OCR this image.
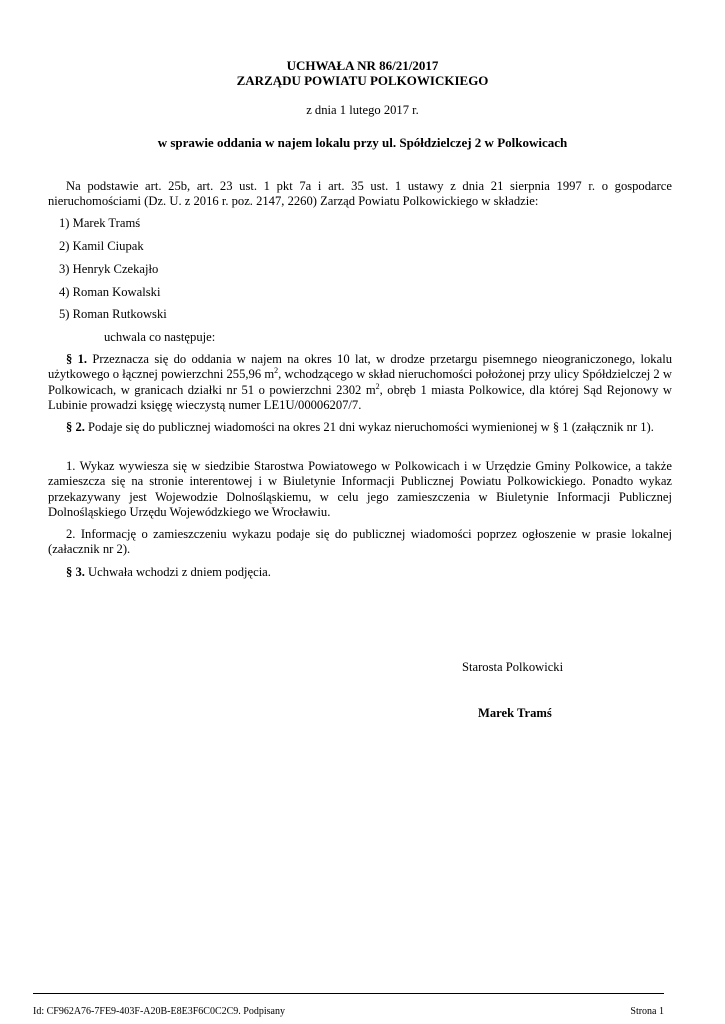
UCHWAŁA NR 86/21/2017

ZARZĄDU POWIATU POLKOWICKIEGO

z dnia 1 lutego 2017 r.

w sprawie oddania w najem lokalu przy ul. Spółdzielczej 2 w Polkowicach

Na podstawie art. 25b, art. 23 ust. 1 pkt 7a i art. 35 ust. 1 ustawy z dnia 21 sierpnia 1997 r. o gospodarce nieruchomościami (Dz. U. z 2016 r. poz. 2147, 2260) Zarząd Powiatu Polkowickiego w składzie:

1) Marek Tramś

2) Kamil Ciupak

3) Henryk Czekajło

4) Roman Kowalski

5) Roman Rutkowski

uchwala co następuje:

§ 1. Przeznacza się do oddania w najem na okres 10 lat, w drodze przetargu pisemnego nieograniczonego, lokalu użytkowego o łącznej powierzchni 255,96 $m^2$, wchodzącego w skład nieruchomości położonej przy ulicy Spółdzielczej 2 w Polkowicach, w granicach działki nr 51 o powierzchni 2302 $m^2$, obręb 1 miasta Polkowice, dla której Sąd Rejonowy w Lubinie prowadzi księgę wieczystą numer LE1U/00006207/7.

§ 2. Podaje się do publicznej wiadomości na okres 21 dni wykaz nieruchomości wymienionej w § 1 (załącznik nr 1).

1. Wykaz wywiesza się w siedzibie Starostwa Powiatowego w Polkowicach i w Urzędzie Gminy Polkowice, a także zamieszcza się na stronie interentowej i w Biuletynie Informacji Publicznej Powiatu Polkowickiego. Ponadto wykaz przekazywany jest Wojewodzie Dolnośląskiemu, w celu jego zamieszczenia w Biuletynie Informacji Publicznej Dolnośląskiego Urzędu Wojewódzkiego we Wrocławiu.

2. Informację o zamieszczeniu wykazu podaje się do publicznej wiadomości poprzez ogłoszenie w prasie lokalnej (załacznik nr 2).

§ 3. Uchwała wchodzi z dniem podjęcia.

Starosta Polkowicki

Marek Tramś

Id: CF962A76-7FE9-403F-A20B-E8E3F6C0C2C9. Podpisany	Strona 1
